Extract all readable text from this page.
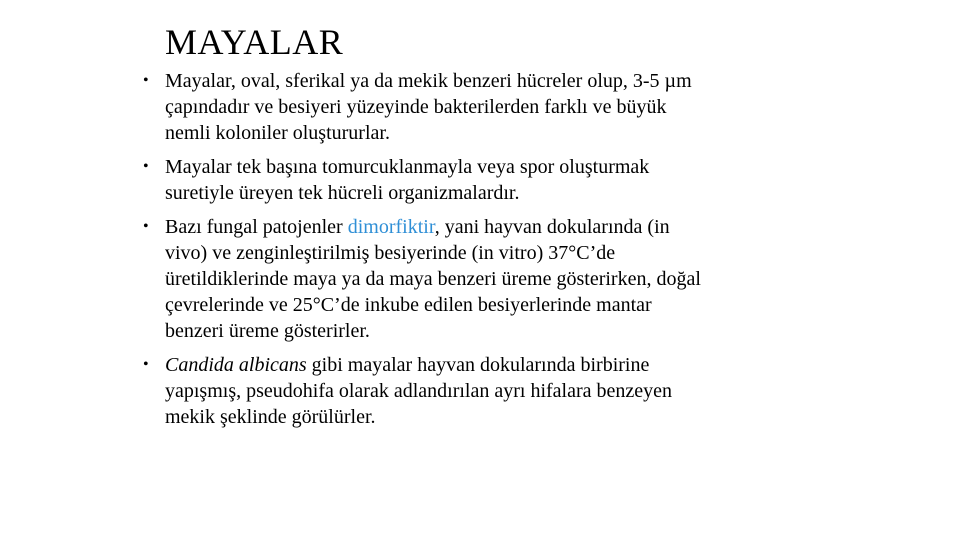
MAYALAR
• Mayalar, oval, sferikal ya da mekik benzeri hücreler olup, 3-5 µm
çapındadır ve besiyeri yüzeyinde bakterilerden farklı ve büyük
nemli koloniler oluştururlar.
• Mayalar tek başına tomurcuklanmayla veya spor oluşturmak
suretiyle üreyen tek hücreli organizmalardır.
• Bazı fungal patojenler dimorfiktir, yani hayvan dokularında (in
vivo) ve zenginleştirilmiş besiyerinde (in vitro) 37°C’de
üretildiklerinde maya ya da maya benzeri üreme gösterirken, doğal
çevrelerinde ve 25°C’de inkube edilen besiyerlerinde mantar
benzeri üreme gösterirler.
• Candida albicans gibi mayalar hayvan dokularında birbirine
yapışmış, pseudohifa olarak adlandırılan ayrı hifalara benzeyen
mekik şeklinde görülürler.
